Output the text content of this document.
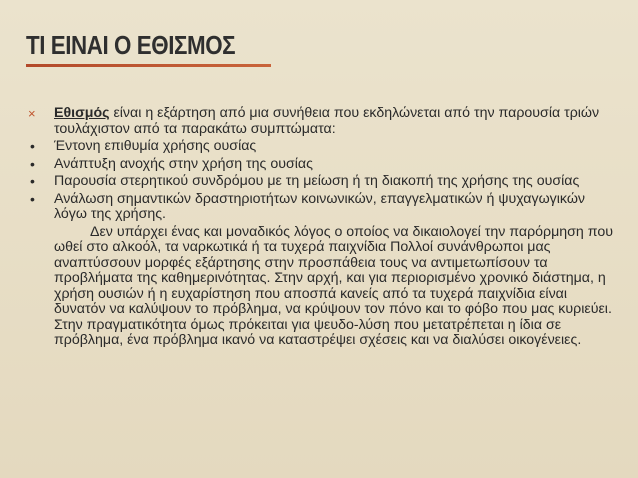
ΤΙ ΕΙΝΑΙ Ο ΕΘΙΣΜΟΣ
×	Εθισμός είναι η εξάρτηση από μια συνήθεια που εκδηλώνεται από την παρουσία τριών τουλάχιστον από τα παρακάτω συμπτώματα:
•	Έντονη επιθυμία χρήσης ουσίας
•	Ανάπτυξη ανοχής στην χρήση της ουσίας
•	Παρουσία στερητικού συνδρόμου με τη μείωση ή τη διακοπή της χρήσης της ουσίας
•	Ανάλωση σημαντικών δραστηριοτήτων κοινωνικών, επαγγελματικών ή ψυχαγωγικών λόγω της χρήσης.
Δεν υπάρχει ένας και μοναδικός λόγος ο οποίος να δικαιολογεί την παρόρμηση που ωθεί στο αλκοόλ, τα ναρκωτικά ή τα τυχερά παιχνίδια Πολλοί συνάνθρωποι μας αναπτύσσουν μορφές εξάρτησης στην προσπάθεια τους να αντιμετωπίσουν τα προβλήματα της καθημερινότητας. Στην αρχή, και για περιορισμένο χρονικό διάστημα, η χρήση ουσιών ή η ευχαρίστηση που αποσπά κανείς από τα τυχερά παιχνίδια είναι δυνατόν να καλύψουν το πρόβλημα, να κρύψουν τον πόνο και το φόβο που μας κυριεύει. Στην πραγματικότητα όμως πρόκειται για ψευδο-λύση που μετατρέπεται η ίδια σε πρόβλημα, ένα πρόβλημα ικανό να καταστρέψει σχέσεις και να διαλύσει οικογένειες.
